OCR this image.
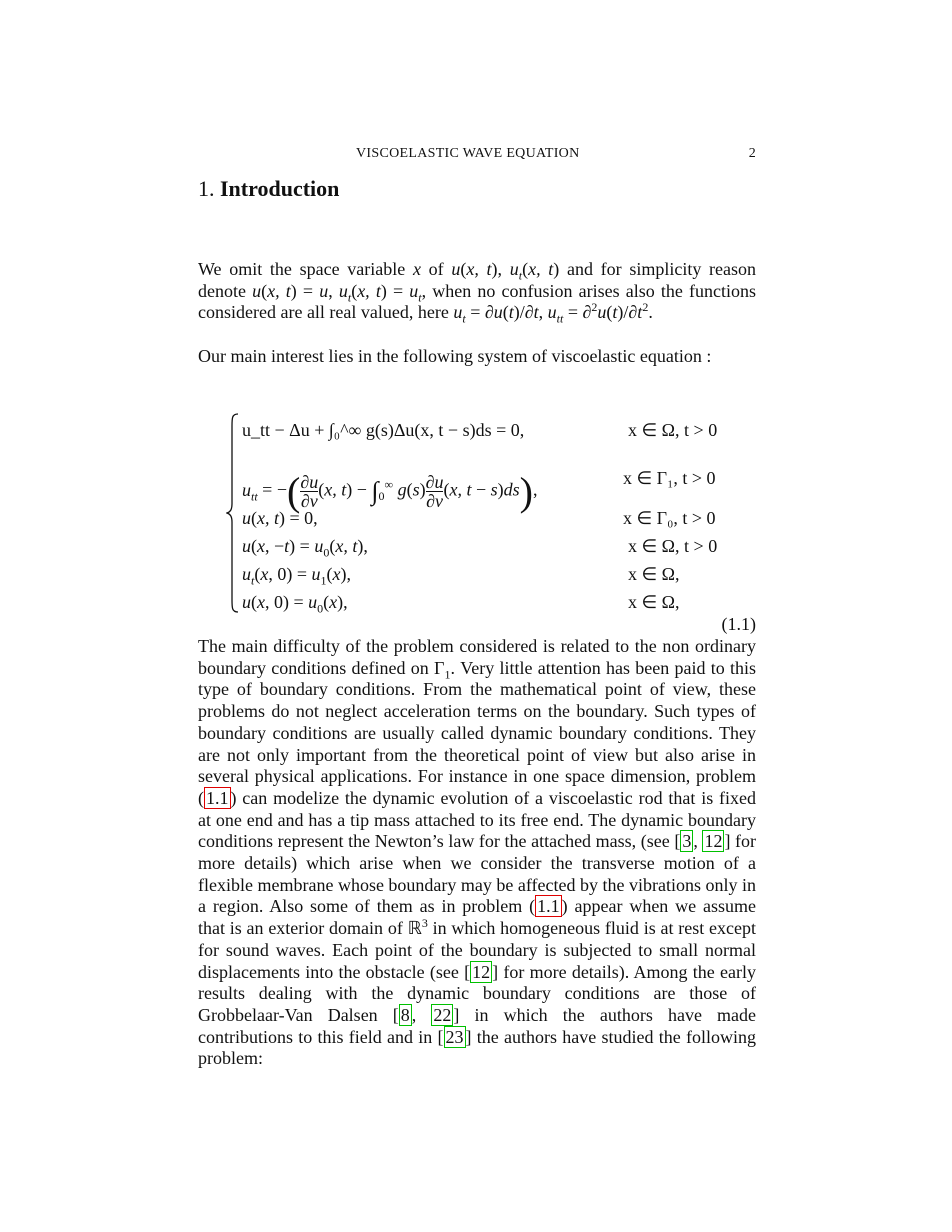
VISCOELASTIC WAVE EQUATION	2
1. Introduction
We omit the space variable x of u(x, t), $u_t(x$, t) and for simplicity reason denote u(x, t) = u, $u_t(x$, $t) = u_t$, when no confusion arises also the functions considered are all real valued, here $u_t = \partial u(t)/\partial t$, $u_{tt} = \partial^2u(t)/\partial t^2$.
Our main interest lies in the following system of viscoelastic equation :
u_tt − Δu + ∫₀^∞ g(s)Δu(x, t − s)ds = 0,
$u_{tt}$ = −( $\frac{\partial u}{\partial\nu} (x$, $t) - \int_0^\infty$ $g(s) \frac{\partial u}{\partial\nu} (x$, t − s)ds),
u(x, t) = 0,
u(x, $-t) = u_0(x$, t),
$u_t(x$, $0) = u_1(x)$,
u(x, $0) = u_0(x)$,
x ∈ Ω, t > 0
x ∈ Γ₁, t > 0
x ∈ Γ₀, t > 0
x ∈ Ω, t > 0
x ∈ Ω,
x ∈ Ω,
(1.1)
The main difficulty of the problem considered is related to the non ordinary boundary conditions defined on $\Gamma_1$. Very little attention has been paid to this type of boundary conditions. From the mathematical point of view, these problems do not neglect acceleration terms on the boundary. Such types of boundary conditions are usually called dynamic boundary conditions. They are not only important from the theoretical point of view but also arise in several physical applications. For instance in one space dimension, problem ( 1.1 ) can modelize the dynamic evolution of a viscoelastic rod that is fixed at one end and has a tip mass attached to its free end. The dynamic boundary conditions represent the Newton’s law for the attached mass, (see [ 3 , 12 ] for more details) which arise when we consider the transverse motion of a flexible membrane whose boundary may be affected by the vibrations only in a region. Also some of them as in problem ( 1.1 ) appear when we assume that is an exterior domain of ℝ$^3$ in which homogeneous fluid is at rest except for sound waves. Each point of the boundary is subjected to small normal displacements into the obstacle (see [ 12 ] for more details). Among the early results dealing with the dynamic boundary conditions are those of Grobbelaar-Van Dalsen [ 8 , 22 ] in which the authors have made contributions to this field and in [ 23 ] the authors have studied the following problem:
